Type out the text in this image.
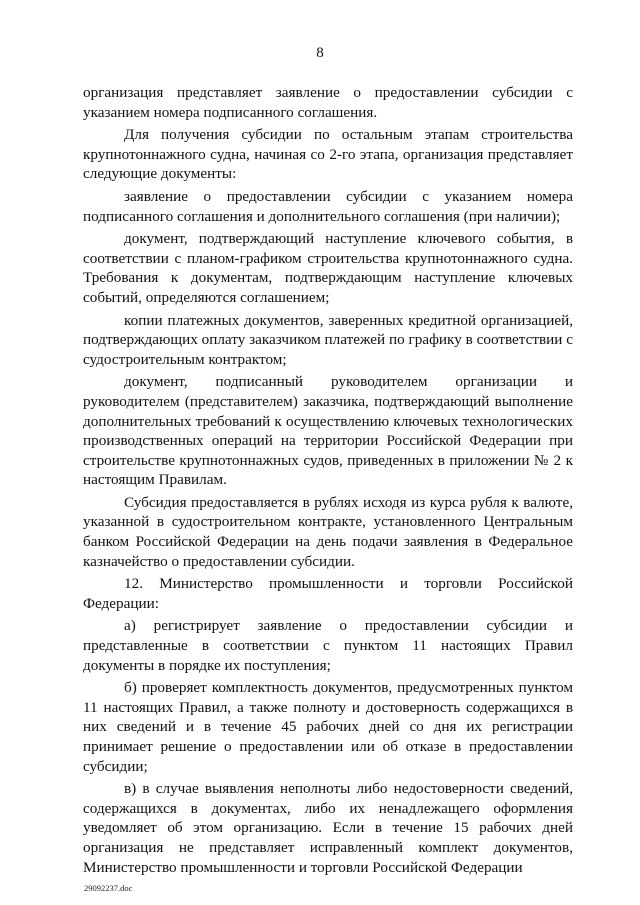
8

организация представляет заявление о предоставлении субсидии с указанием номера подписанного соглашения.

Для получения субсидии по остальным этапам строительства крупнотоннажного судна, начиная со 2-го этапа, организация представляет следующие документы:

заявление о предоставлении субсидии с указанием номера подписанного соглашения и дополнительного соглашения (при наличии);

документ, подтверждающий наступление ключевого события, в соответствии с планом-графиком строительства крупнотоннажного судна. Требования к документам, подтверждающим наступление ключевых событий, определяются соглашением;

копии платежных документов, заверенных кредитной организацией, подтверждающих оплату заказчиком платежей по графику в соответствии с судостроительным контрактом;

документ, подписанный руководителем организации и руководителем (представителем) заказчика, подтверждающий выполнение дополнительных требований к осуществлению ключевых технологических производственных операций на территории Российской Федерации при строительстве крупнотоннажных судов, приведенных в приложении № 2 к настоящим Правилам.

Субсидия предоставляется в рублях исходя из курса рубля к валюте, указанной в судостроительном контракте, установленного Центральным банком Российской Федерации на день подачи заявления в Федеральное казначейство о предоставлении субсидии.

12. Министерство промышленности и торговли Российской Федерации:

а) регистрирует заявление о предоставлении субсидии и представленные в соответствии с пунктом 11 настоящих Правил документы в порядке их поступления;

б) проверяет комплектность документов, предусмотренных пунктом 11 настоящих Правил, а также полноту и достоверность содержащихся в них сведений и в течение 45 рабочих дней со дня их регистрации принимает решение о предоставлении или об отказе в предоставлении субсидии;

в) в случае выявления неполноты либо недостоверности сведений, содержащихся в документах, либо их ненадлежащего оформления уведомляет об этом организацию. Если в течение 15 рабочих дней организация не представляет исправленный комплект документов, Министерство промышленности и торговли Российской Федерации

29092237.doc
